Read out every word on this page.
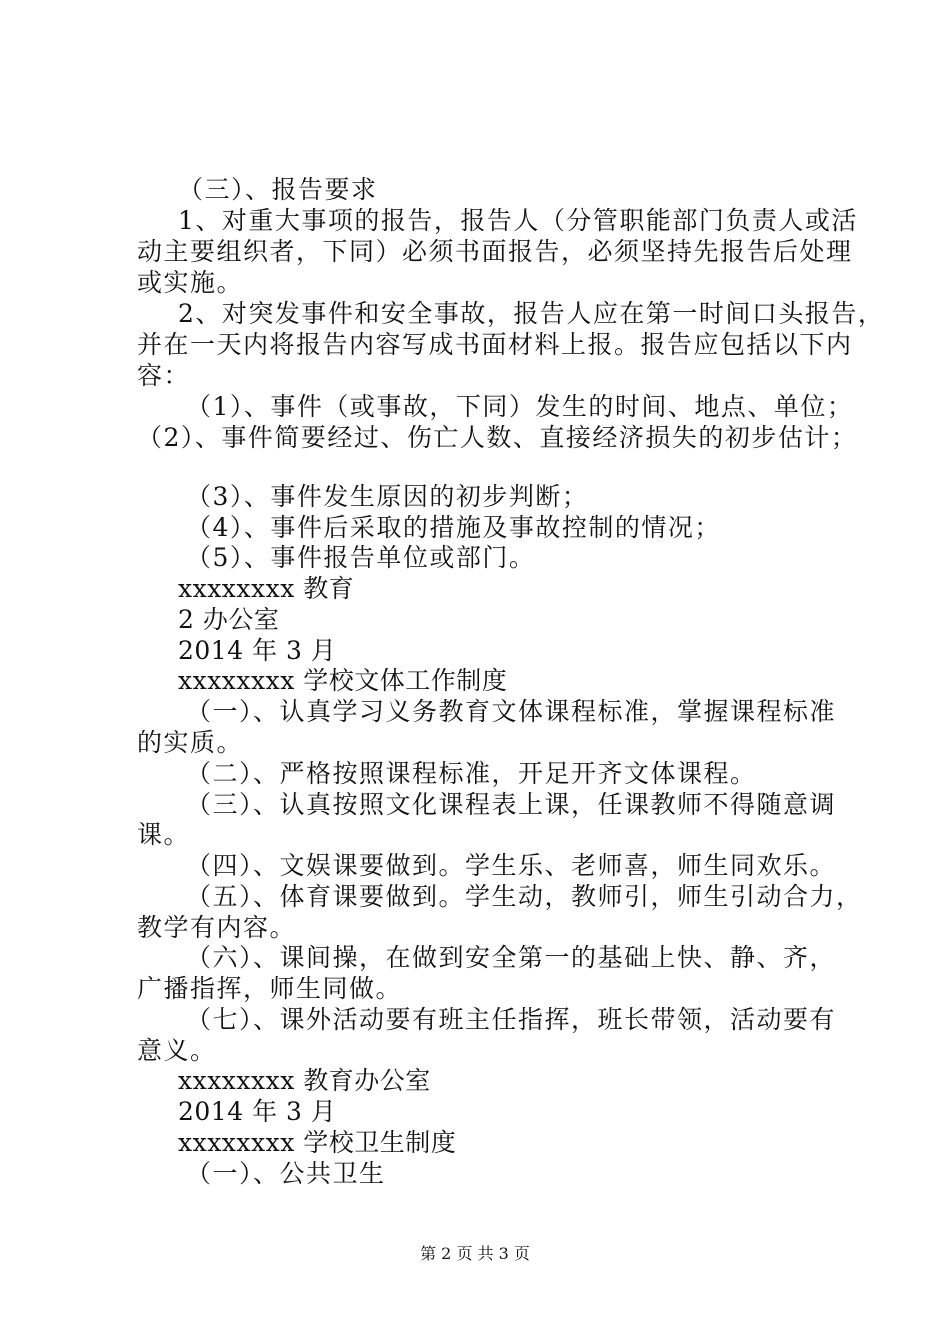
（三）、报告要求
1、对重大事项的报告，报告人（分管职能部门负责人或活
动主要组织者，下同）必须书面报告，必须坚持先报告后处理
或实施。
2、对突发事件和安全事故，报告人应在第一时间口头报告，
并在一天内将报告内容写成书面材料上报。报告应包括以下内
容：
（1）、事件（或事故，下同）发生的时间、地点、单位；
（2）、事件简要经过、伤亡人数、直接经济损失的初步估计；
（3）、事件发生原因的初步判断；
（4）、事件后采取的措施及事故控制的情况；
（5）、事件报告单位或部门。
xxxxxxxx 教育
2 办公室
2014 年 3 月
xxxxxxxx 学校文体工作制度
（一）、认真学习义务教育文体课程标准，掌握课程标准
的实质。
（二）、严格按照课程标准，开足开齐文体课程。
（三）、认真按照文化课程表上课，任课教师不得随意调
课。
（四）、文娱课要做到。学生乐、老师喜，师生同欢乐。
（五）、体育课要做到。学生动，教师引，师生引动合力，
教学有内容。
（六）、课间操，在做到安全第一的基础上快、静、齐，
广播指挥，师生同做。
（七）、课外活动要有班主任指挥，班长带领，活动要有
意义。
xxxxxxxx 教育办公室
2014 年 3 月
xxxxxxxx 学校卫生制度
（一）、公共卫生
第 2 页 共 3 页
